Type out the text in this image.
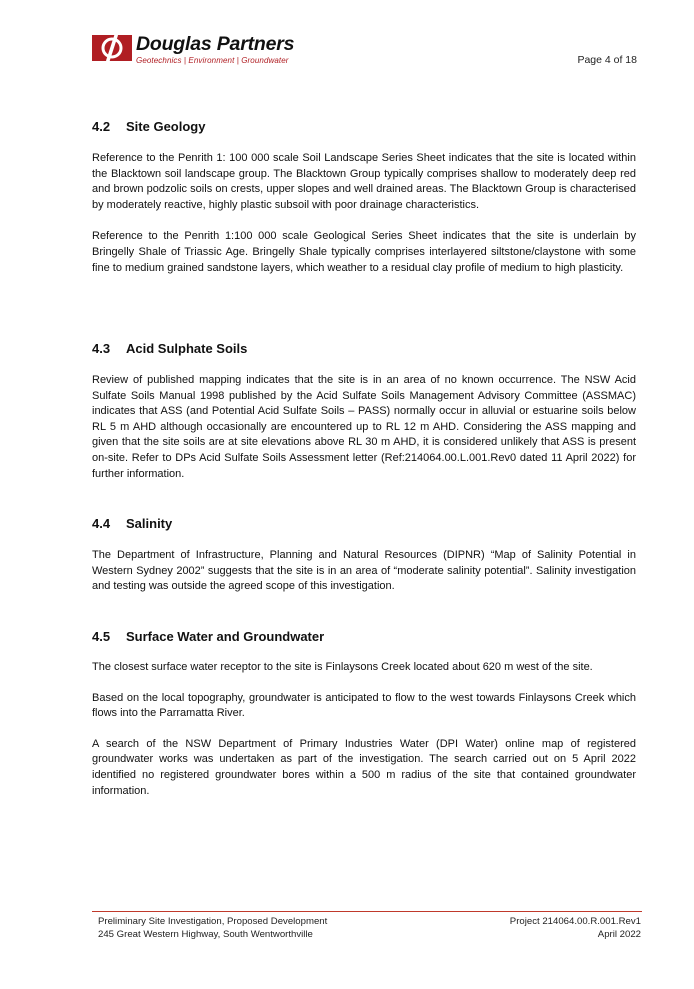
Douglas Partners
Geotechnics | Environment | Groundwater	Page 4 of 18
4.2	Site Geology

Reference to the Penrith 1: 100 000 scale Soil Landscape Series Sheet indicates that the site is located within the Blacktown soil landscape group. The Blacktown Group typically comprises shallow to moderately deep red and brown podzolic soils on crests, upper slopes and well drained areas. The Blacktown Group is characterised by moderately reactive, highly plastic subsoil with poor drainage characteristics.

Reference to the Penrith 1:100 000 scale Geological Series Sheet indicates that the site is underlain by Bringelly Shale of Triassic Age. Bringelly Shale typically comprises interlayered siltstone/claystone with some fine to medium grained sandstone layers, which weather to a residual clay profile of medium to high plasticity.

4.3	Acid Sulphate Soils

Review of published mapping indicates that the site is in an area of no known occurrence. The NSW Acid Sulfate Soils Manual 1998 published by the Acid Sulfate Soils Management Advisory Committee (ASSMAC) indicates that ASS (and Potential Acid Sulfate Soils – PASS) normally occur in alluvial or estuarine soils below RL 5 m AHD although occasionally are encountered up to RL 12 m AHD. Considering the ASS mapping and given that the site soils are at site elevations above RL 30 m AHD, it is considered unlikely that ASS is present on-site. Refer to DPs Acid Sulfate Soils Assessment letter (Ref:214064.00.L.001.Rev0 dated 11 April 2022) for further information.

4.4	Salinity

The Department of Infrastructure, Planning and Natural Resources (DIPNR) “Map of Salinity Potential in Western Sydney 2002” suggests that the site is in an area of “moderate salinity potential”. Salinity investigation and testing was outside the agreed scope of this investigation.

4.5	Surface Water and Groundwater

The closest surface water receptor to the site is Finlaysons Creek located about 620 m west of the site.

Based on the local topography, groundwater is anticipated to flow to the west towards Finlaysons Creek which flows into the Parramatta River.

A search of the NSW Department of Primary Industries Water (DPI Water) online map of registered groundwater works was undertaken as part of the investigation. The search carried out on 5 April 2022 identified no registered groundwater bores within a 500 m radius of the site that contained groundwater information.

Preliminary Site Investigation, Proposed Development
245 Great Western Highway, South Wentworthville
Project 214064.00.R.001.Rev1
April 2022
